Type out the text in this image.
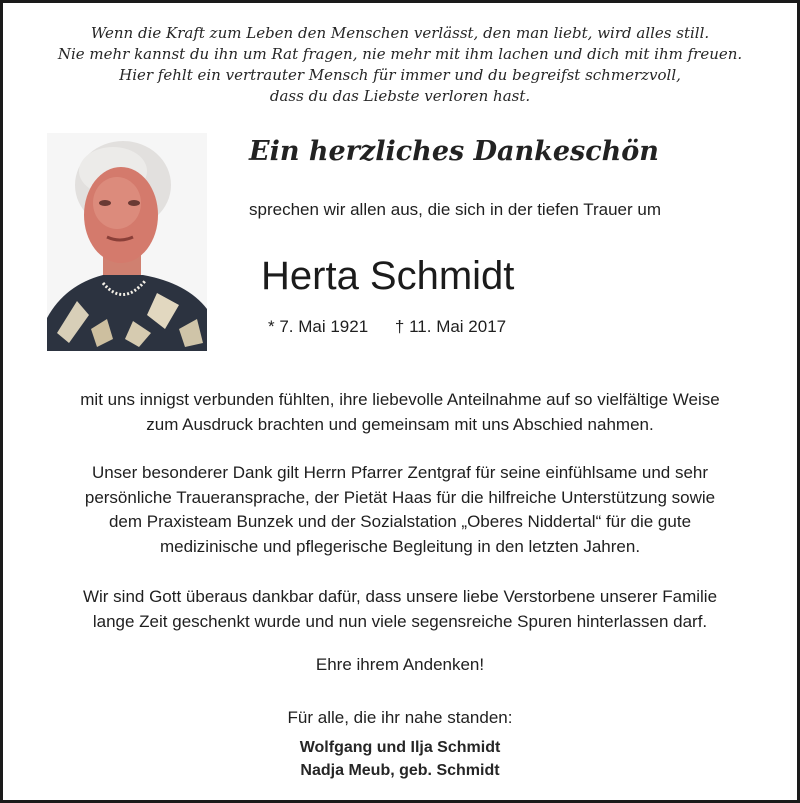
Wenn die Kraft zum Leben den Menschen verlässt, den man liebt, wird alles still.
Nie mehr kannst du ihn um Rat fragen, nie mehr mit ihm lachen und dich mit ihm freuen.
Hier fehlt ein vertrauter Mensch für immer und du begreifst schmerzvoll,
dass du das Liebste verloren hast.
Ein herzliches Dankeschön
sprechen wir allen aus, die sich in der tiefen Trauer um
Herta Schmidt
* 7. Mai 1921 † 11. Mai 2017
mit uns innigst verbunden fühlten, ihre liebevolle Anteilnahme auf so vielfältige Weise
zum Ausdruck brachten und gemeinsam mit uns Abschied nahmen.
Unser besonderer Dank gilt Herrn Pfarrer Zentgraf für seine einfühlsame und sehr
persönliche Traueransprache, der Pietät Haas für die hilfreiche Unterstützung sowie
dem Praxisteam Bunzek und der Sozialstation „Oberes Niddertal“ für die gute
medizinische und pflegerische Begleitung in den letzten Jahren.
Wir sind Gott überaus dankbar dafür, dass unsere liebe Verstorbene unserer Familie
lange Zeit geschenkt wurde und nun viele segensreiche Spuren hinterlassen darf.
Ehre ihrem Andenken!
Für alle, die ihr nahe standen:
Wolfgang und Ilja Schmidt
Nadja Meub, geb. Schmidt
